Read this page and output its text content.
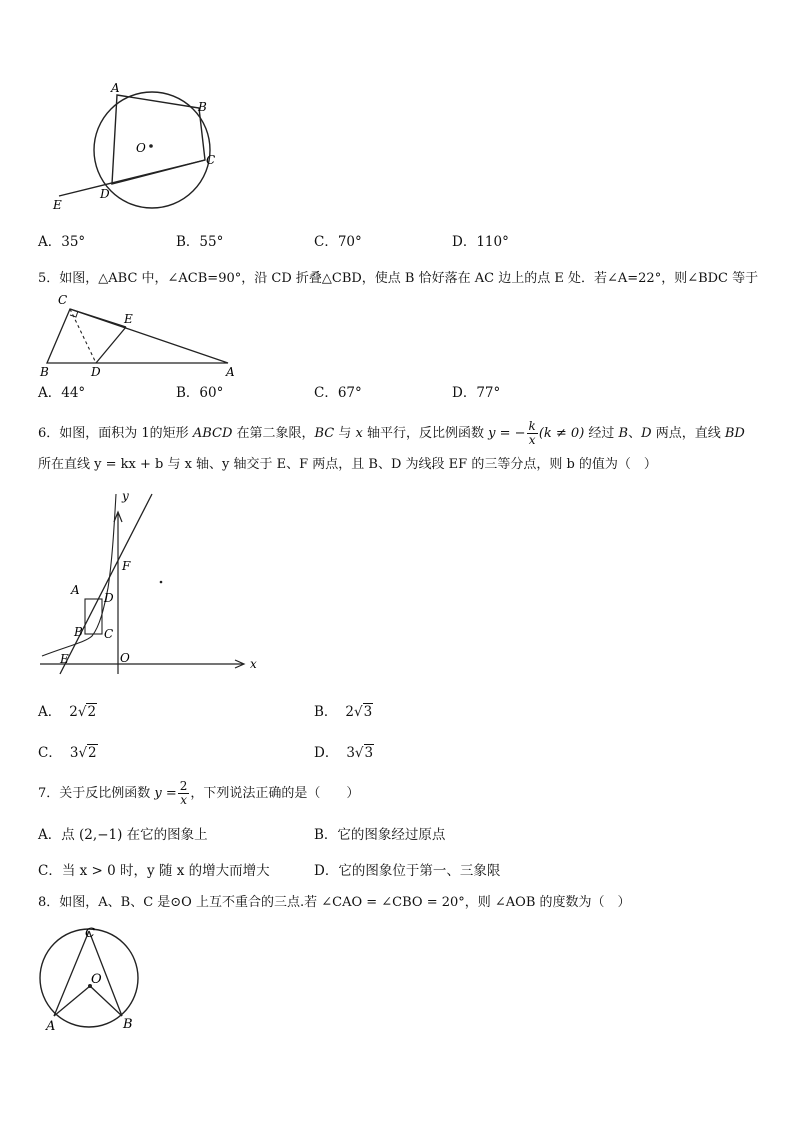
A
B
C
D
O
E
A．35°	B．55°	C．70°	D．110°
5．如图，△ABC 中，∠ACB=90°，沿 CD 折叠△CBD，使点 B 恰好落在 AC 边上的点 E 处．若∠A=22°，则∠BDC 等于
C
E
B	D	A
A．44°	B．60°	C．67°	D．77°
6．如图，面积为 1的矩形 ABCD 在第二象限，BC 与 x 轴平行，反比例函数 y = − $\frac{k}{x} (k \ne 0)$ 经过 B、D 两点，直线 BD
所在直线 y = kx + b 与 x 轴、y 轴交于 E、F 两点，且 B、D 为线段 EF 的三等分点，则 b 的值为（　）
y
x
F
A
D
B C
E	O
A． 2√2	B． 2√3
C． 3√2	D． 3√3
7．关于反比例函数 $y = \frac{2}{x}$ ，下列说法正确的是（　　）
A．点 (2,−1) 在它的图象上	B．它的图象经过原点
C．当 x > 0 时，y 随 x 的增大而增大	D．它的图象位于第一、三象限
8．如图，A、B、C 是⊙O 上互不重合的三点.若 ∠CAO = ∠CBO = 20°，则 ∠AOB 的度数为（　）
C
O
A	B
